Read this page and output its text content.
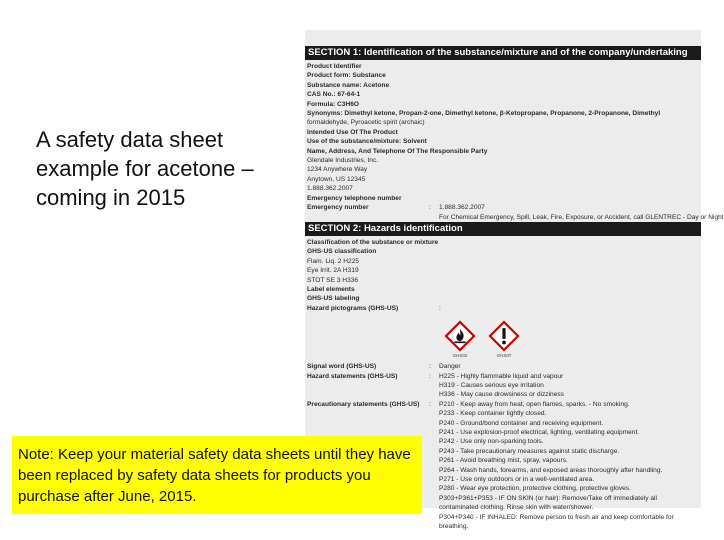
A safety data sheet example for acetone – coming in 2015
SECTION 1: Identification of the substance/mixture and of the company/undertaking
Product Identifier
Product form: Substance
Substance name: Acetone
CAS No.: 67-64-1
Formula: C3H6O
Synonyms: Dimethyl ketone, Propan-2-one, Dimethyl ketone, β-Ketopropane, Propanone, 2-Propanone, Dimethyl
formaldehyde, Pyroacetic spirit (archaic)
Intended Use Of The Product
Use of the substance/mixture: Solvent
Name, Address, And Telephone Of The Responsible Party
Glendale Industries, Inc.
1234 Anywhere Way
Anytown, US 12345
1.888.362.2007
Emergency telephone number
Emergency number	:	1.888.362.2007
For Chemical Emergency, Spill, Leak, Fire, Exposure, or Accident, call GLENTREC - Day or Night
SECTION 2: Hazards identification
Classification of the substance or mixture
GHS-US classification
Flam. Liq. 2 H225
Eye Irrit. 2A H319
STOT SE 3 H336
Label elements
GHS-US labeling
Hazard pictograms (GHS-US)	:
GHS02	GHS07
Signal word (GHS-US)	:	Danger
Hazard statements (GHS-US)	:	H225 - Highly flammable liquid and vapour
H319 - Causes serious eye irritation
H336 - May cause drowsiness or dizziness
Precautionary statements (GHS-US)	:	P210 - Keep away from heat, open flames, sparks. - No smoking.
P233 - Keep container tightly closed.
P240 - Ground/bond container and receiving equipment.
P241 - Use explosion-proof electrical, lighting, ventilating equipment.
P242 - Use only non-sparking tools.
P243 - Take precautionary measures against static discharge.
P261 - Avoid breathing mist, spray, vapours.
P264 - Wash hands, forearms, and exposed areas thoroughly after handling.
P271 - Use only outdoors or in a well-ventilated area.
P280 - Wear eye protection, protective clothing, protective gloves.
P303+P361+P353 - IF ON SKIN (or hair): Remove/Take off immediately all
contaminated clothing. Rinse skin with water/shower.
P304+P340 - IF INHALED: Remove person to fresh air and keep comfortable for
breathing.
Note: Keep your material safety data sheets until they have been replaced by safety data sheets for products you purchase after June, 2015.
